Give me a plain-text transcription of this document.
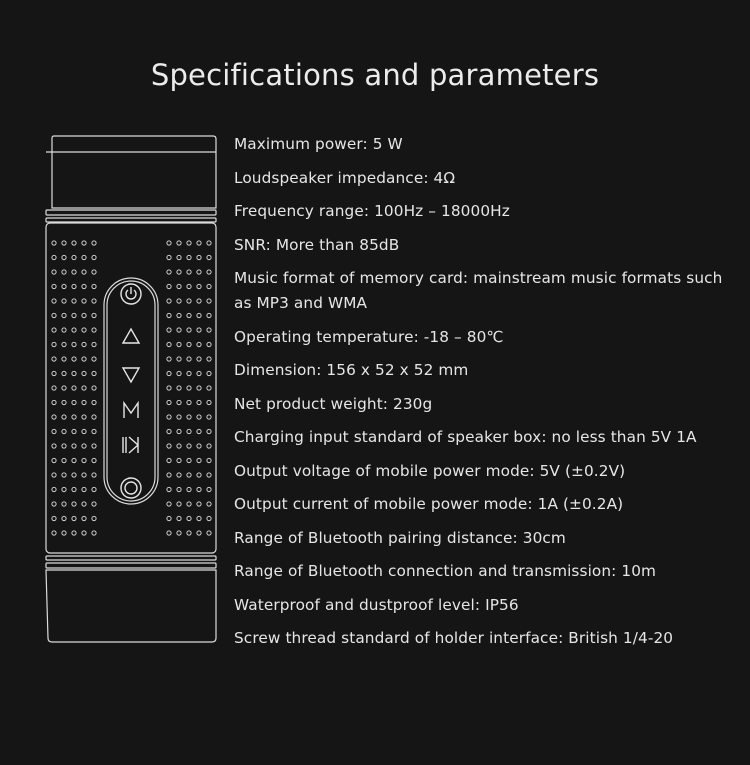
Specifications and parameters
Maximum power: 5 W
Loudspeaker impedance: 4Ω
Frequency range: 100Hz – 18000Hz
SNR: More than 85dB
Music format of memory card: mainstream music formats such as MP3 and WMA
Operating temperature: -18 – 80℃
Dimension: 156 x 52 x 52 mm
Net product weight: 230g
Charging input standard of speaker box: no less than 5V 1A
Output voltage of mobile power mode: 5V (±0.2V)
Output current of mobile power mode: 1A (±0.2A)
Range of Bluetooth pairing distance: 30cm
Range of Bluetooth connection and transmission: 10m
Waterproof and dustproof level: IP56
Screw thread standard of holder interface: British 1/4-20
